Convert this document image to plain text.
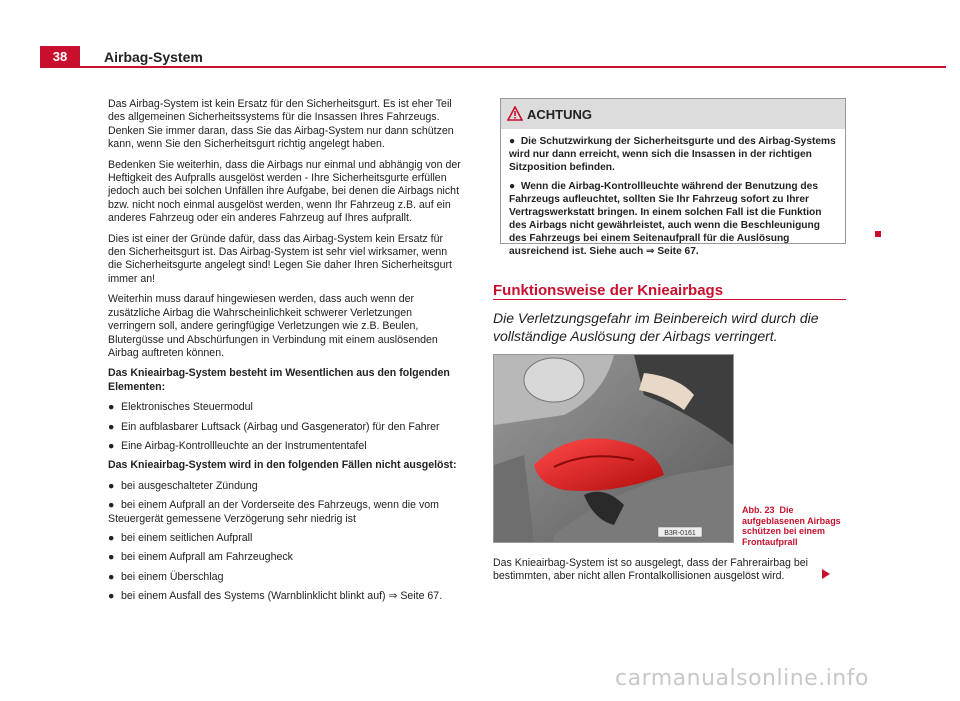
38	Airbag-System

Das Airbag-System ist kein Ersatz für den Sicherheitsgurt. Es ist eher Teil des allgemeinen Sicherheitssystems für die Insassen Ihres Fahrzeugs. Denken Sie immer daran, dass Sie das Airbag-System nur dann schützen kann, wenn Sie den Sicherheitsgurt richtig angelegt haben.

Bedenken Sie weiterhin, dass die Airbags nur einmal und abhängig von der Heftigkeit des Aufpralls ausgelöst werden - Ihre Sicherheitsgurte erfüllen jedoch auch bei solchen Unfällen ihre Aufgabe, bei denen die Airbags nicht bzw. nicht noch einmal ausgelöst werden, wenn Ihr Fahrzeug z.B. auf ein anderes Fahrzeug oder ein anderes Fahrzeug auf Ihres aufprallt.

Dies ist einer der Gründe dafür, dass das Airbag-System kein Ersatz für den Sicherheitsgurt ist. Das Airbag-System ist sehr viel wirksamer, wenn die Sicherheitsgurte angelegt sind! Legen Sie daher Ihren Sicherheitsgurt immer an!

Weiterhin muss darauf hingewiesen werden, dass auch wenn der zusätzliche Airbag die Wahrscheinlichkeit schwerer Verletzungen verringern soll, andere geringfügige Verletzungen wie z.B. Beulen, Blutergüsse und Abschürfungen in Verbindung mit einem auslösenden Airbag auftreten können.

Das Knieairbag-System besteht im Wesentlichen aus den folgenden Elementen:

● Elektronisches Steuermodul
● Ein aufblasbarer Luftsack (Airbag und Gasgenerator) für den Fahrer
● Eine Airbag-Kontrollleuchte an der Instrumententafel

Das Knieairbag-System wird in den folgenden Fällen nicht ausgelöst:

● bei ausgeschalteter Zündung
● bei einem Aufprall an der Vorderseite des Fahrzeugs, wenn die vom Steuergerät gemessene Verzögerung sehr niedrig ist
● bei einem seitlichen Aufprall
● bei einem Aufprall am Fahrzeugheck
● bei einem Überschlag
● bei einem Ausfall des Systems (Warnblinklicht blinkt auf) ⇒ Seite 67.
ACHTUNG

●  Die Schutzwirkung der Sicherheitsgurte und des Airbag-Systems wird nur dann erreicht, wenn sich die Insassen in der richtigen Sitzposition befinden.

●  Wenn die Airbag-Kontrollleuchte während der Benutzung des Fahrzeugs aufleuchtet, sollten Sie Ihr Fahrzeug sofort zu Ihrer Vertragswerkstatt bringen. In einem solchen Fall ist die Funktion des Airbags nicht gewährleistet, auch wenn die Beschleunigung des Fahrzeugs bei einem Seitenaufprall für die Auslösung ausreichend ist. Siehe auch ⇒ Seite 67.

Funktionsweise der Knieairbags
Die Verletzungsgefahr im Beinbereich wird durch die vollständige Auslösung der Airbags verringert.
B3R-0161
Abb. 23 Die aufgeblasenen Airbags schützen bei einem Frontaufprall
Das Knieairbag-System ist so ausgelegt, dass der Fahrerairbag bei bestimmten, aber nicht allen Frontalkollisionen ausgelöst wird.
carmanualsonline.info
